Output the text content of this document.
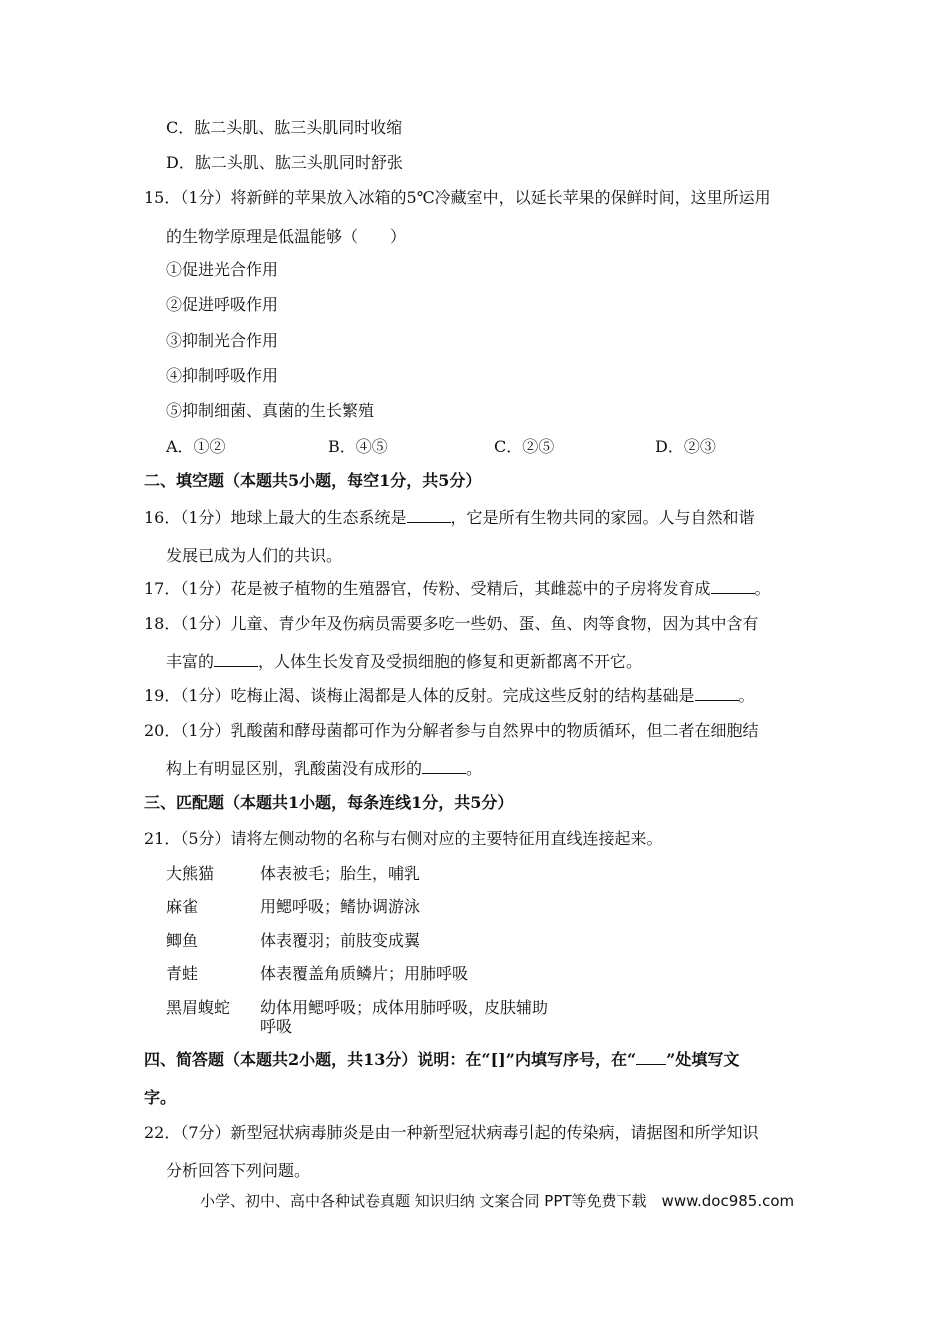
C．肱二头肌、肱三头肌同时收缩
D．肱二头肌、肱三头肌同时舒张
15．（1分）将新鲜的苹果放入冰箱的5℃冷藏室中，以延长苹果的保鲜时间，这里所运用
的生物学原理是低温能够（　　）
①促进光合作用
②促进呼吸作用
③抑制光合作用
④抑制呼吸作用
⑤抑制细菌、真菌的生长繁殖
A．①②	B．④⑤	C．②⑤	D．②③
二、填空题（本题共5小题，每空1分，共5分）
16．（1分）地球上最大的生态系统是	，它是所有生物共同的家园。人与自然和谐
发展已成为人们的共识。
17．（1分）花是被子植物的生殖器官，传粉、受精后，其雌蕊中的子房将发育成	。
18．（1分）儿童、青少年及伤病员需要多吃一些奶、蛋、鱼、肉等食物，因为其中含有
丰富的	，人体生长发育及受损细胞的修复和更新都离不开它。
19．（1分）吃梅止渴、谈梅止渴都是人体的反射。完成这些反射的结构基础是	。
20．（1分）乳酸菌和酵母菌都可作为分解者参与自然界中的物质循环，但二者在细胞结
构上有明显区别，乳酸菌没有成形的	。
三、匹配题（本题共1小题，每条连线1分，共5分）
21．（5分）请将左侧动物的名称与右侧对应的主要特征用直线连接起来。
大熊猫	体表被毛；胎生，哺乳
麻雀	用鳃呼吸；鳍协调游泳
鲫鱼	体表覆羽；前肢变成翼
青蛙	体表覆盖角质鳞片；用肺呼吸
黑眉蝮蛇 幼体用鳃呼吸；成体用肺呼吸，皮肤辅助
呼吸
四、简答题（本题共2小题，共13分）说明：在“[]”内填写序号，在“ ”处填写文
字。
22．（7分）新型冠状病毒肺炎是由一种新型冠状病毒引起的传染病，请据图和所学知识
分析回答下列问题。
小学、初中、高中各种试卷真题 知识归纳 文案合同 PPT等免费下载　www.doc985.com
